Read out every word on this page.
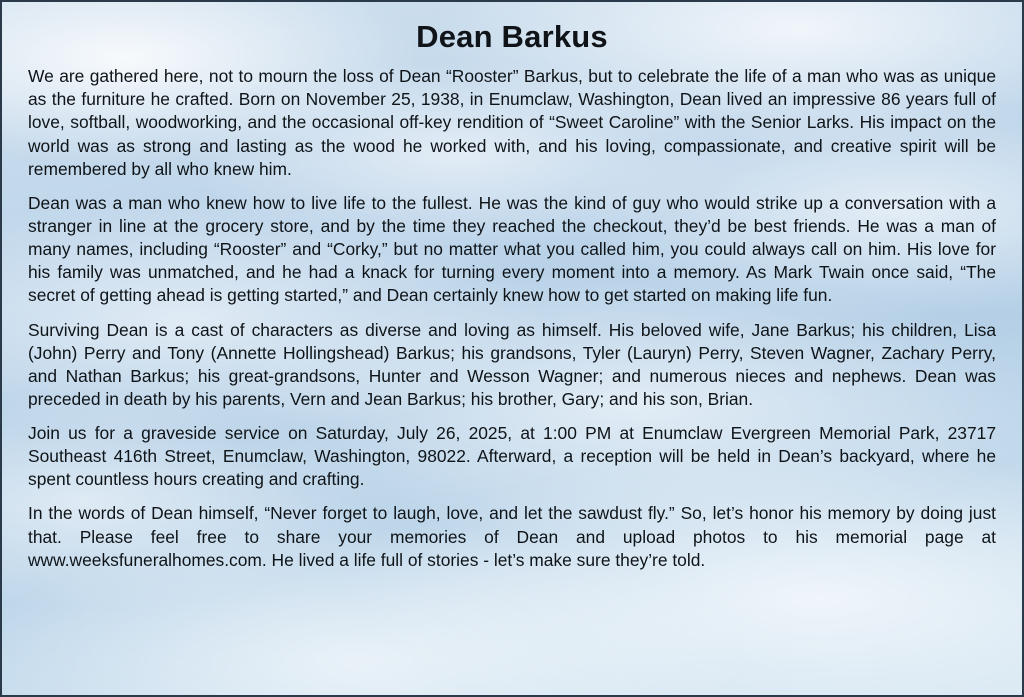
Dean Barkus

We are gathered here, not to mourn the loss of Dean “Rooster” Barkus, but to celebrate the life of a man who was as unique as the furniture he crafted. Born on November 25, 1938, in Enumclaw, Washington, Dean lived an impressive 86 years full of love, softball, woodworking, and the occasional off-key rendition of “Sweet Caroline” with the Senior Larks. His impact on the world was as strong and lasting as the wood he worked with, and his loving, compassionate, and creative spirit will be remembered by all who knew him.

Dean was a man who knew how to live life to the fullest. He was the kind of guy who would strike up a conversation with a stranger in line at the grocery store, and by the time they reached the checkout, they’d be best friends. He was a man of many names, including “Rooster” and “Corky,” but no matter what you called him, you could always call on him. His love for his family was unmatched, and he had a knack for turning every moment into a memory. As Mark Twain once said, “The secret of getting ahead is getting started,” and Dean certainly knew how to get started on making life fun.

Surviving Dean is a cast of characters as diverse and loving as himself. His beloved wife, Jane Barkus; his children, Lisa (John) Perry and Tony (Annette Hollingshead) Barkus; his grandsons, Tyler (Lauryn) Perry, Steven Wagner, Zachary Perry, and Nathan Barkus; his great-grandsons, Hunter and Wesson Wagner; and numerous nieces and nephews. Dean was preceded in death by his parents, Vern and Jean Barkus; his brother, Gary; and his son, Brian.

Join us for a graveside service on Saturday, July 26, 2025, at 1:00 PM at Enumclaw Evergreen Memorial Park, 23717 Southeast 416th Street, Enumclaw, Washington, 98022. Afterward, a reception will be held in Dean’s backyard, where he spent countless hours creating and crafting.

In the words of Dean himself, “Never forget to laugh, love, and let the sawdust fly.” So, let’s honor his memory by doing just that. Please feel free to share your memories of Dean and upload photos to his memorial page at www.weeksfuneralhomes.com. He lived a life full of stories - let’s make sure they’re told.
